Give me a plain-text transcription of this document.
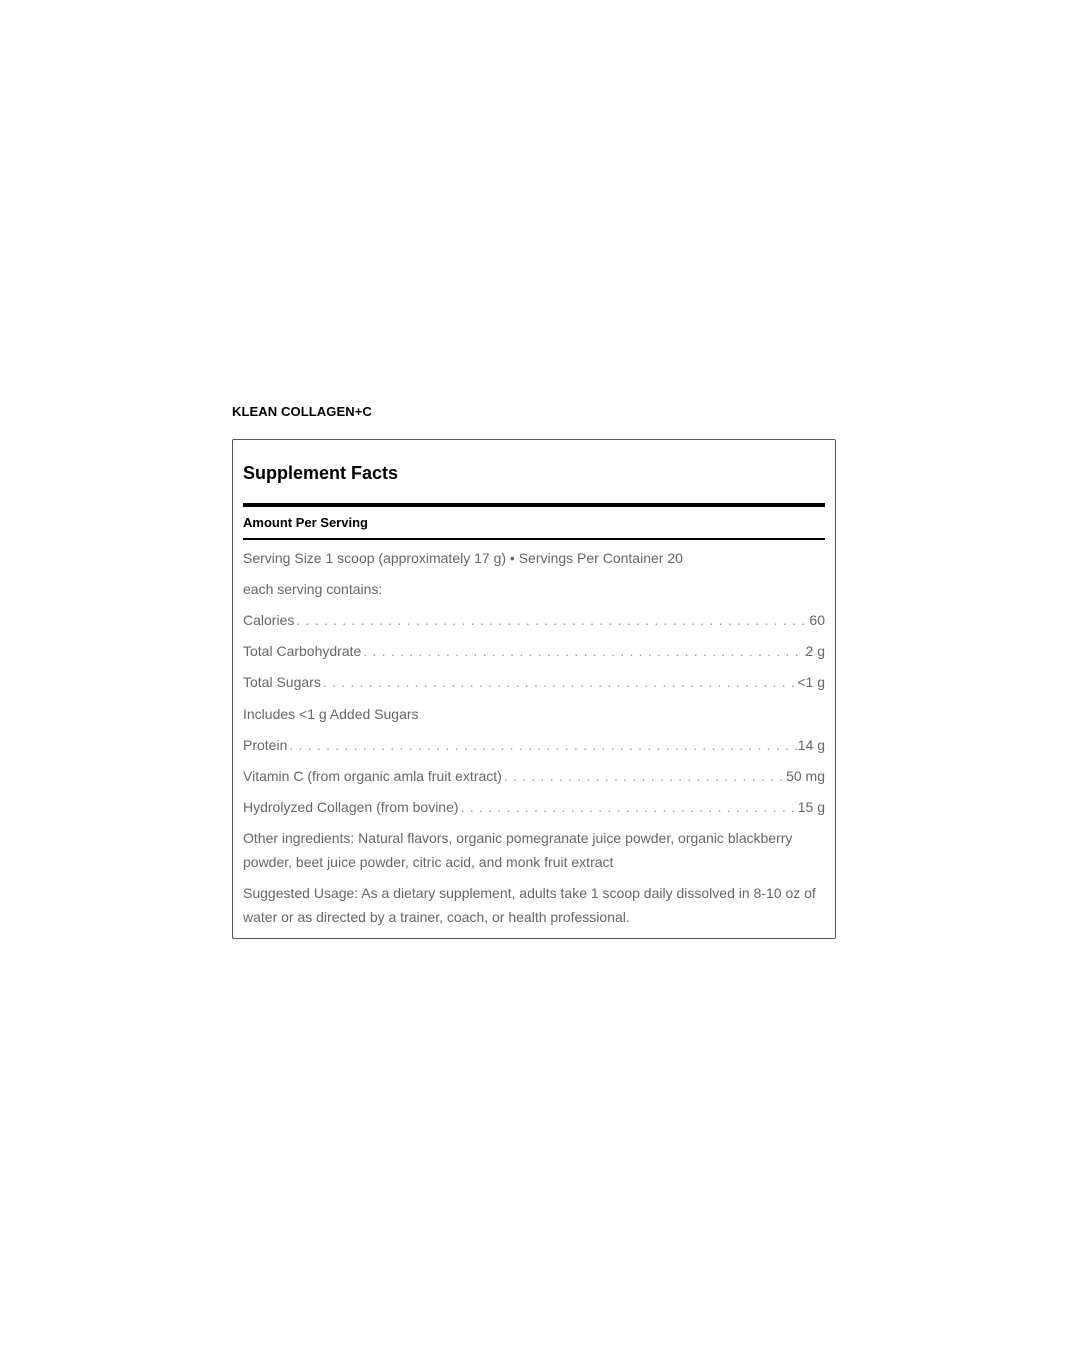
KLEAN COLLAGEN+C
Supplement Facts
Amount Per Serving

Serving Size 1 scoop (approximately 17 g) • Servings Per Container 20

each serving contains:

Calories . . .	60
Total Carbohydrate . . .	2 g
Total Sugars . . .	<1 g

Includes <1 g Added Sugars

Protein . . .	14 g
Vitamin C (from organic amla fruit extract) . . .	50 mg
Hydrolyzed Collagen (from bovine) . . .	15 g

Other ingredients: Natural flavors, organic pomegranate juice powder, organic blackberry powder, beet juice powder, citric acid, and monk fruit extract

Suggested Usage: As a dietary supplement, adults take 1 scoop daily dissolved in 8-10 oz of water or as directed by a trainer, coach, or health professional.
